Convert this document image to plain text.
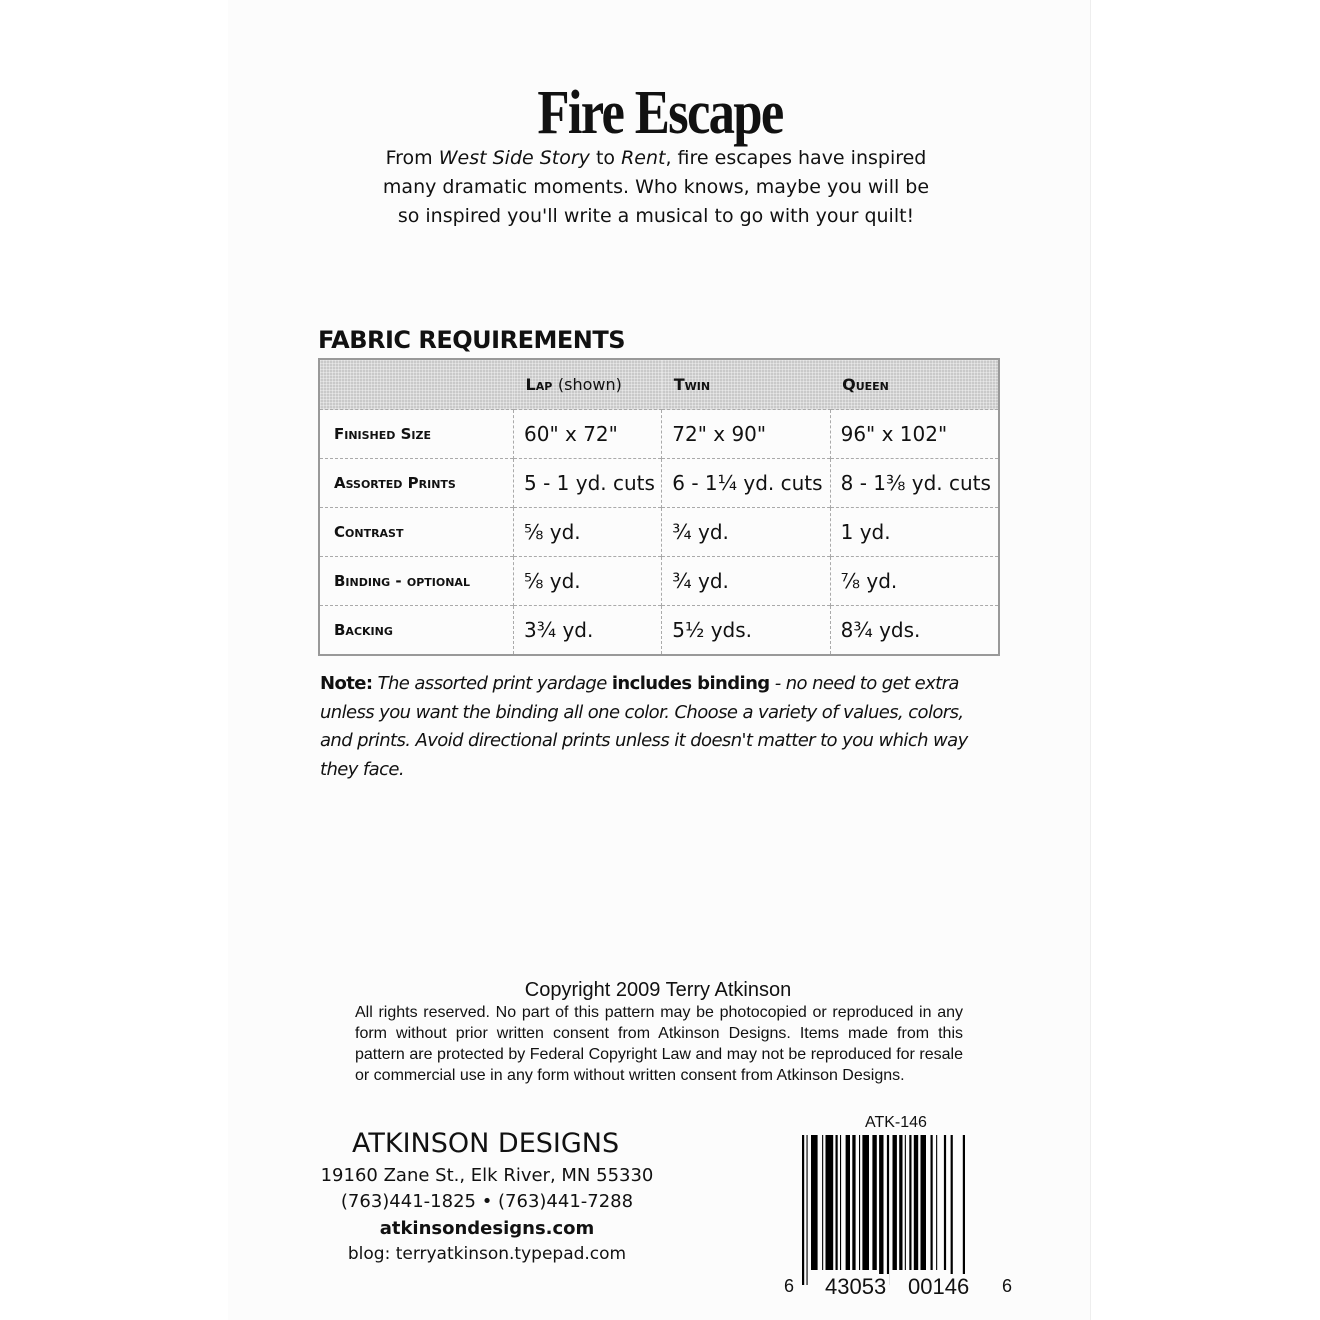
Fire Escape
From West Side Story to Rent, fire escapes have inspired many dramatic moments. Who knows, maybe you will be so inspired you'll write a musical to go with your quilt!
FABRIC REQUIREMENTS
	Lap (shown)	Twin	Queen
Finished Size	60" x 72"	72" x 90"	96" x 102"
Assorted Prints	5 - 1 yd. cuts	6 - 1¼ yd. cuts	8 - 1⅜ yd. cuts
Contrast	⅝ yd.	¾ yd.	1 yd.
Binding - optional	⅝ yd.	¾ yd.	⅞ yd.
Backing	3¾ yd.	5½ yds.	8¾ yds.
Note: The assorted print yardage includes binding - no need to get extra unless you want the binding all one color. Choose a variety of values, colors, and prints. Avoid directional prints unless it doesn't matter to you which way they face.
Copyright 2009 Terry Atkinson
All rights reserved. No part of this pattern may be photocopied or reproduced in any form without prior written consent from Atkinson Designs. Items made from this pattern are protected by Federal Copyright Law and may not be reproduced for resale or commercial use in any form without written consent from Atkinson Designs.
ATKINSON DESIGNS
19160 Zane St., Elk River, MN 55330
(763)441-1825 • (763)441-7288
atkinsondesigns.com
blog: terryatkinson.typepad.com
ATK-146
6 43053 00146 6
